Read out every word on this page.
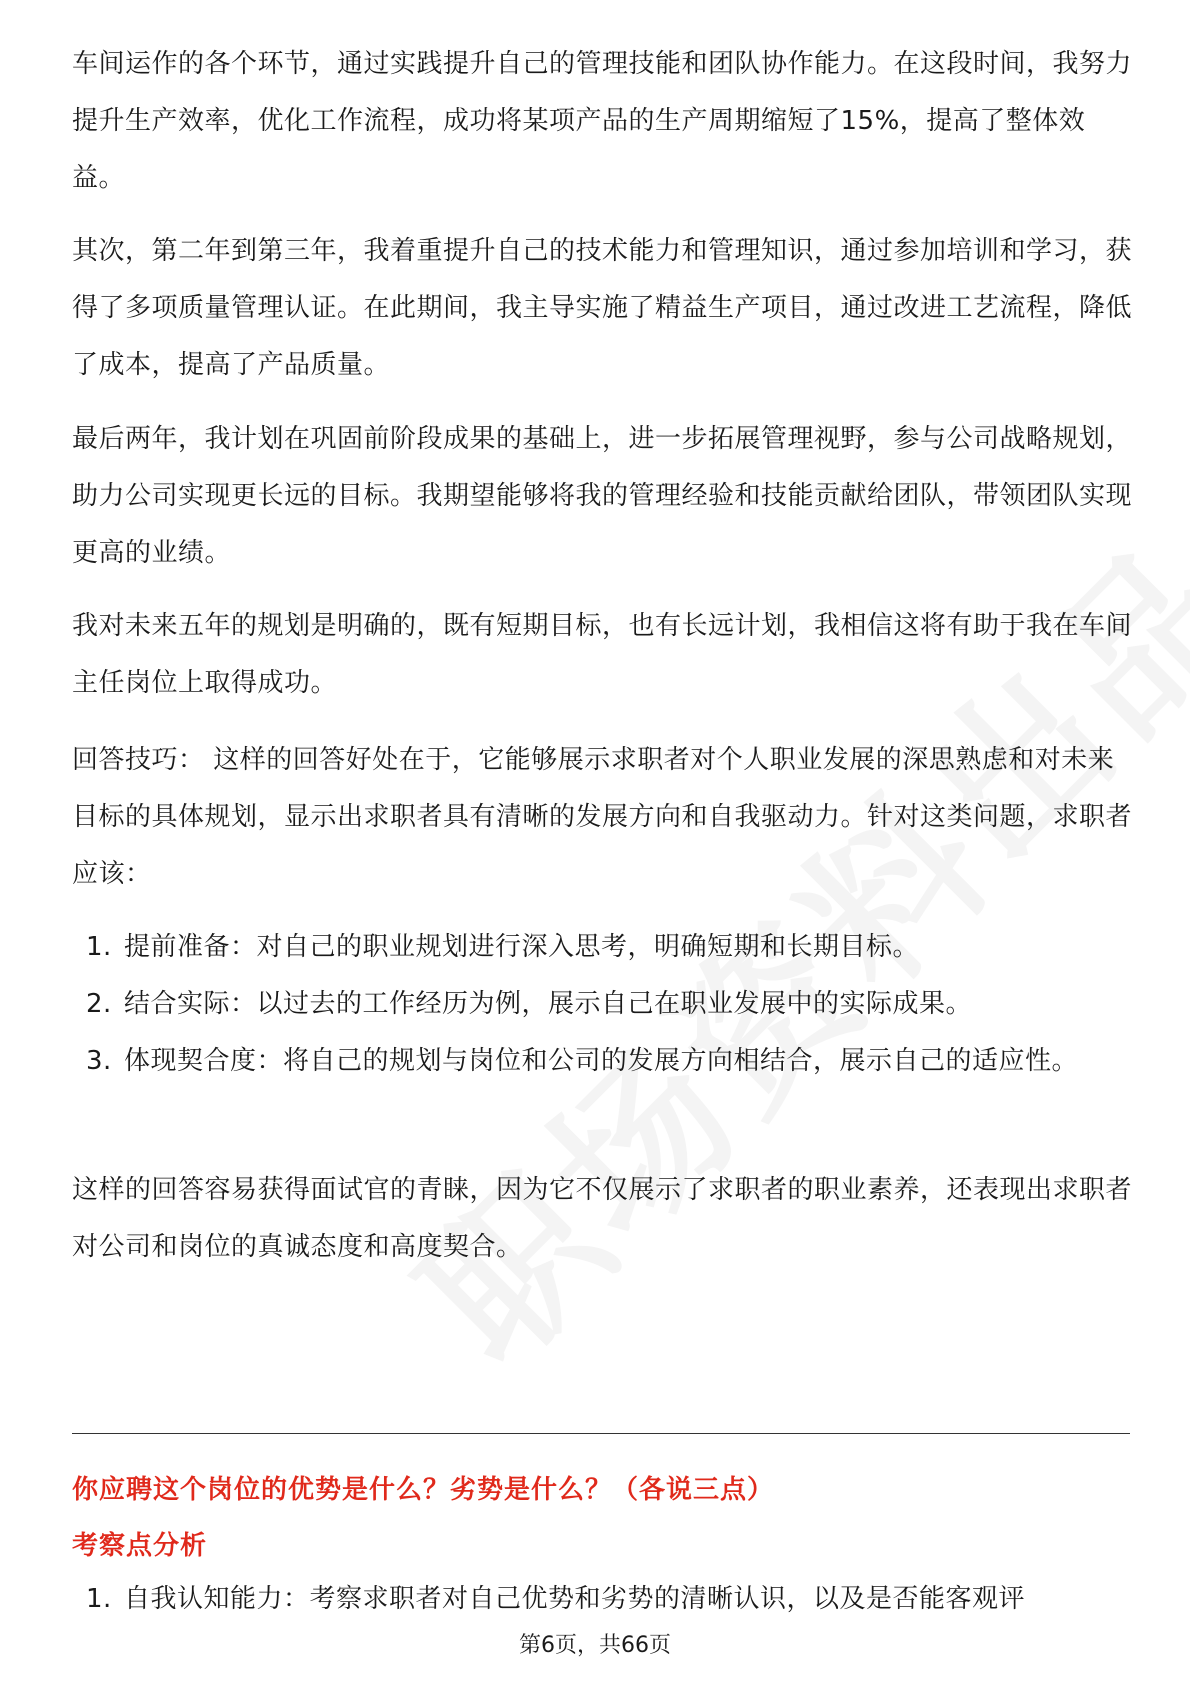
车间运作的各个环节，通过实践提升自己的管理技能和团队协作能力。在这段时间，我努力提升生产效率，优化工作流程，成功将某项产品的生产周期缩短了15%，提高了整体效益。

其次，第二年到第三年，我着重提升自己的技术能力和管理知识，通过参加培训和学习，获得了多项质量管理认证。在此期间，我主导实施了精益生产项目，通过改进工艺流程，降低了成本，提高了产品质量。

最后两年，我计划在巩固前阶段成果的基础上，进一步拓展管理视野，参与公司战略规划，助力公司实现更长远的目标。我期望能够将我的管理经验和技能贡献给团队，带领团队实现更高的业绩。

我对未来五年的规划是明确的，既有短期目标，也有长远计划，我相信这将有助于我在车间主任岗位上取得成功。

回答技巧： 这样的回答好处在于，它能够展示求职者对个人职业发展的深思熟虑和对未来目标的具体规划，显示出求职者具有清晰的发展方向和自我驱动力。针对这类问题，求职者应该：

1. 提前准备：对自己的职业规划进行深入思考，明确短期和长期目标。
2. 结合实际：以过去的工作经历为例，展示自己在职业发展中的实际成果。
3. 体现契合度：将自己的规划与岗位和公司的发展方向相结合，展示自己的适应性。

这样的回答容易获得面试官的青睐，因为它不仅展示了求职者的职业素养，还表现出求职者对公司和岗位的真诚态度和高度契合。

你应聘这个岗位的优势是什么？劣势是什么？（各说三点）
考察点分析
1. 自我认知能力：考察求职者对自己优势和劣势的清晰认识，以及是否能客观评
第6页，共66页
